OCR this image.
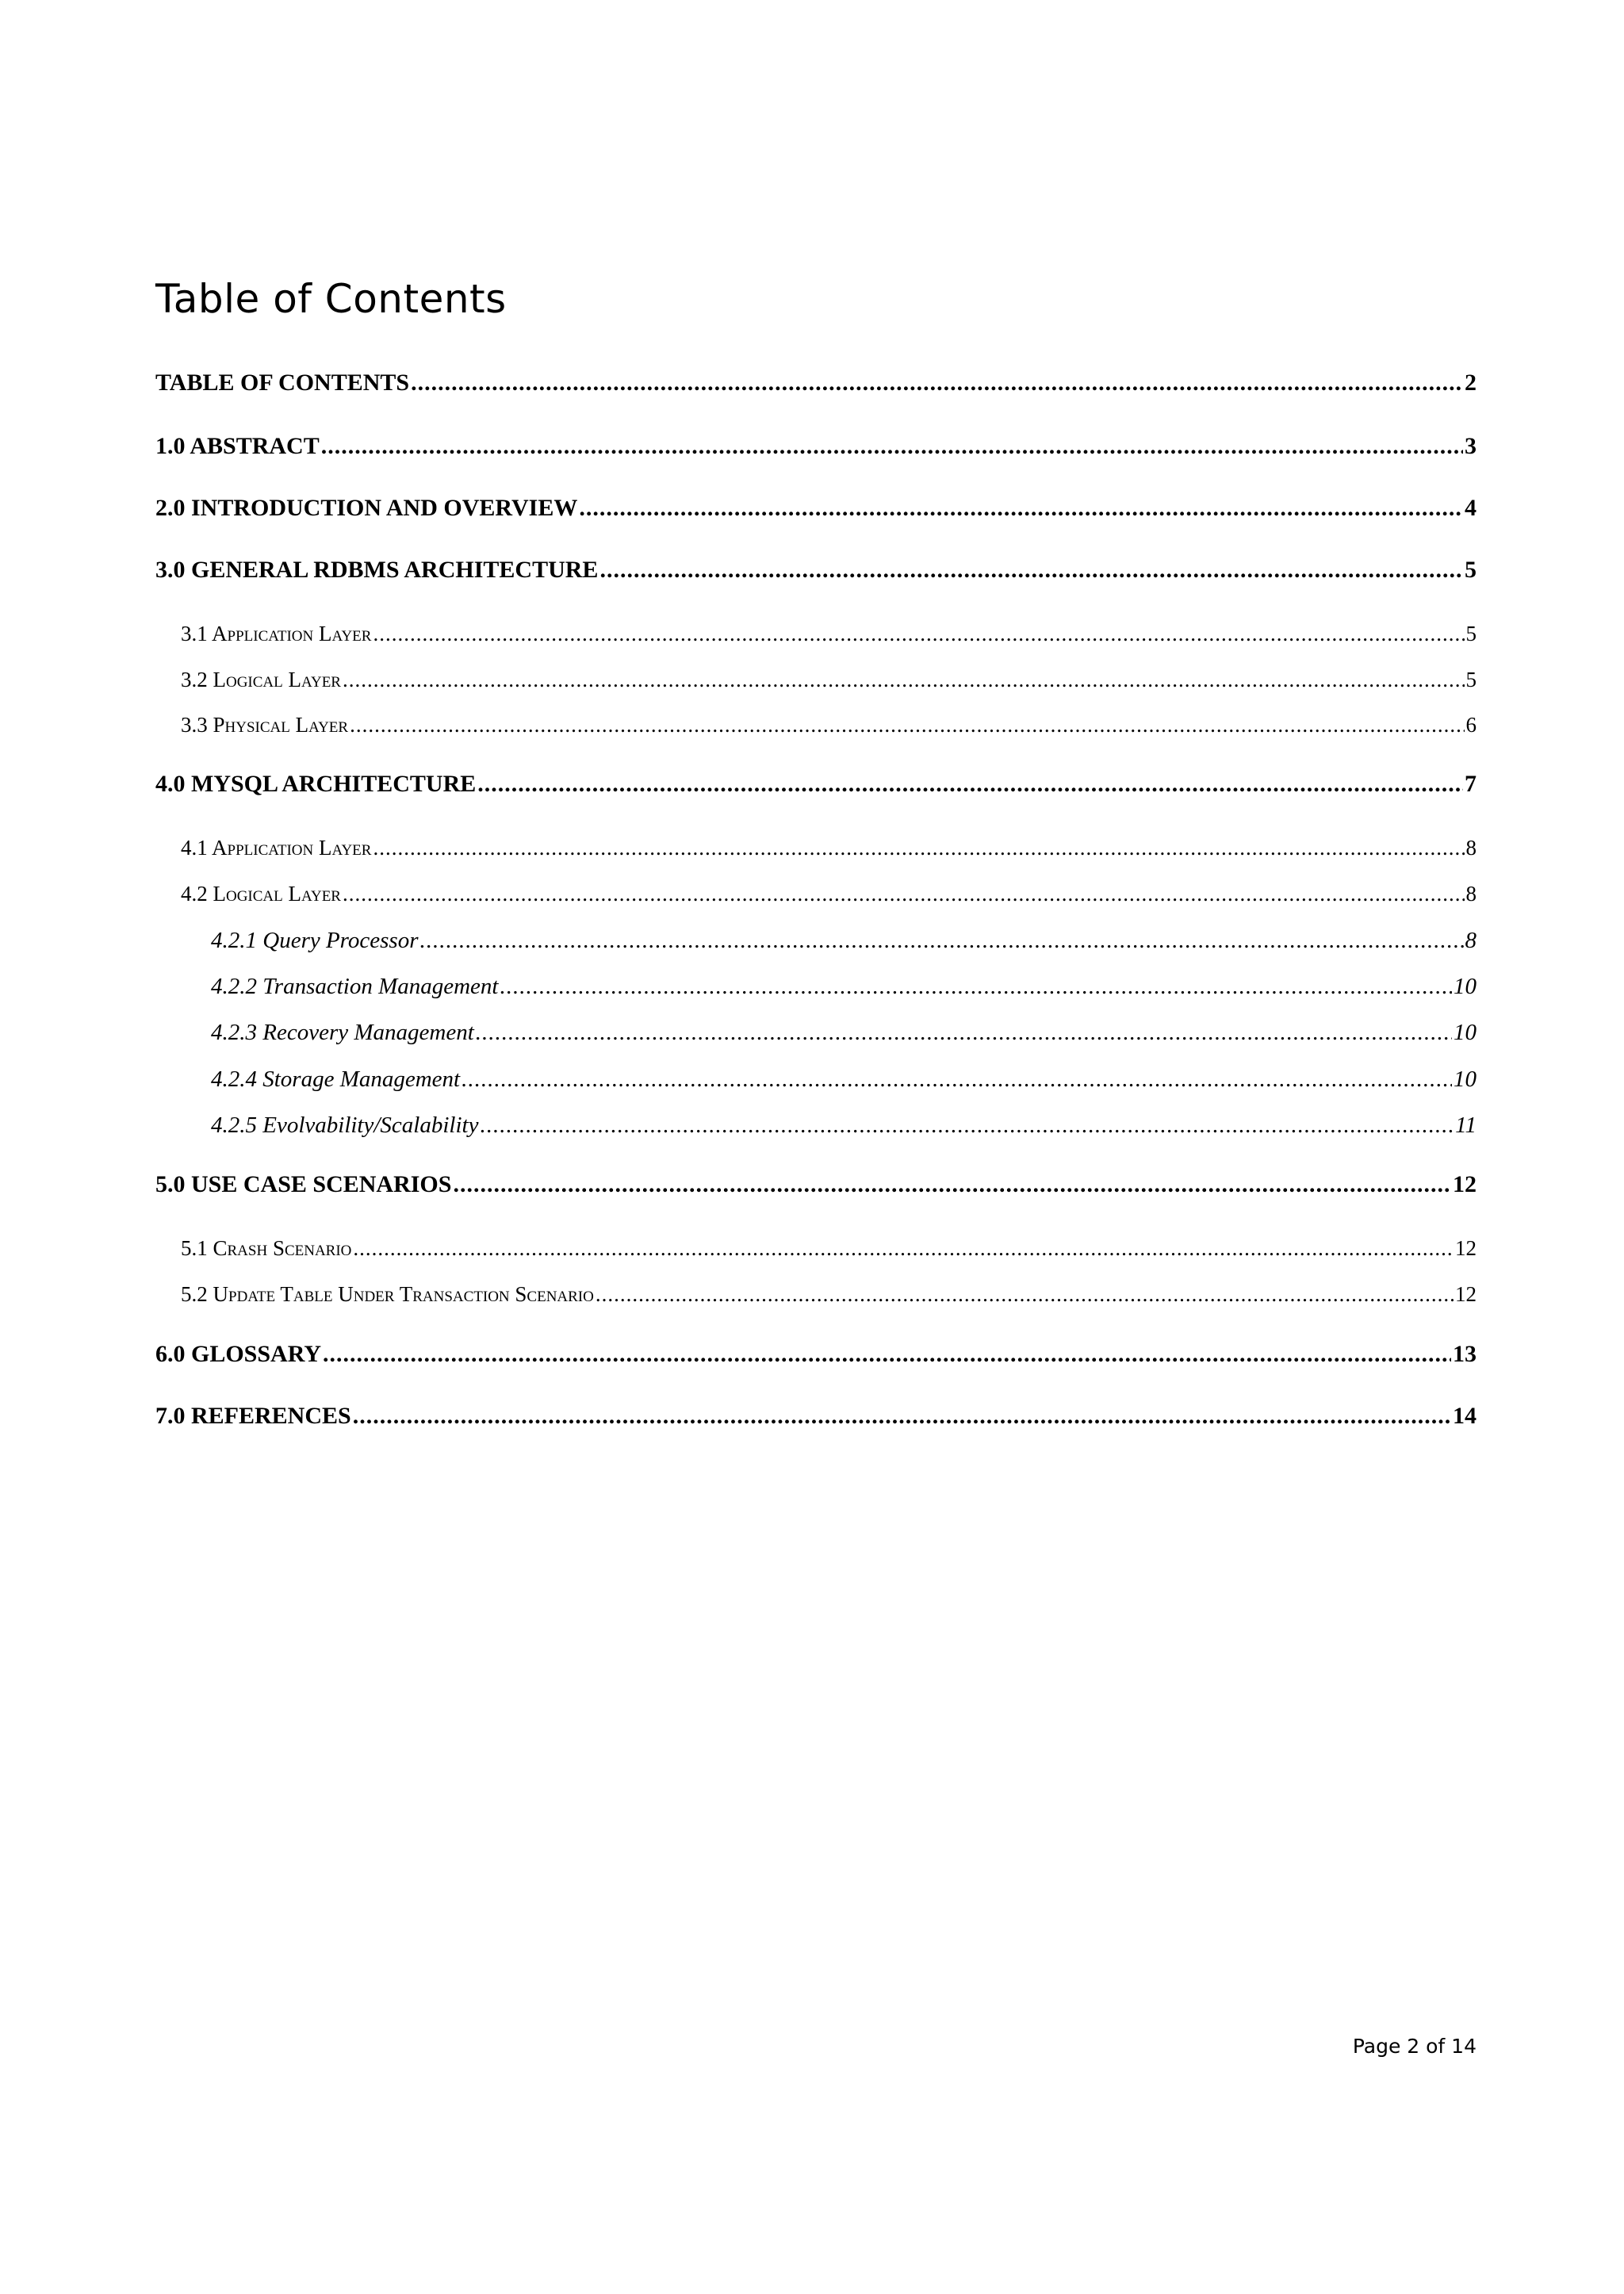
Table of Contents
TABLE OF CONTENTS .....	2
1.0 ABSTRACT .....	3
2.0 INTRODUCTION AND OVERVIEW .....	4
3.0 GENERAL RDBMS ARCHITECTURE .....	5
3.1 Application Layer .....	5
3.2 Logical Layer .....	5
3.3 Physical Layer .....	6
4.0 MYSQL ARCHITECTURE .....	7
4.1 Application Layer .....	8
4.2 Logical Layer .....	8
4.2.1 Query Processor .....	8
4.2.2 Transaction Management .....	10
4.2.3 Recovery Management .....	10
4.2.4 Storage Management .....	10
4.2.5 Evolvability/Scalability .....	11
5.0 USE CASE SCENARIOS .....	12
5.1 Crash Scenario .....	12
5.2 Update Table Under Transaction Scenario .....	12
6.0 GLOSSARY .....	13
7.0 REFERENCES .....	14
Page 2 of 14
